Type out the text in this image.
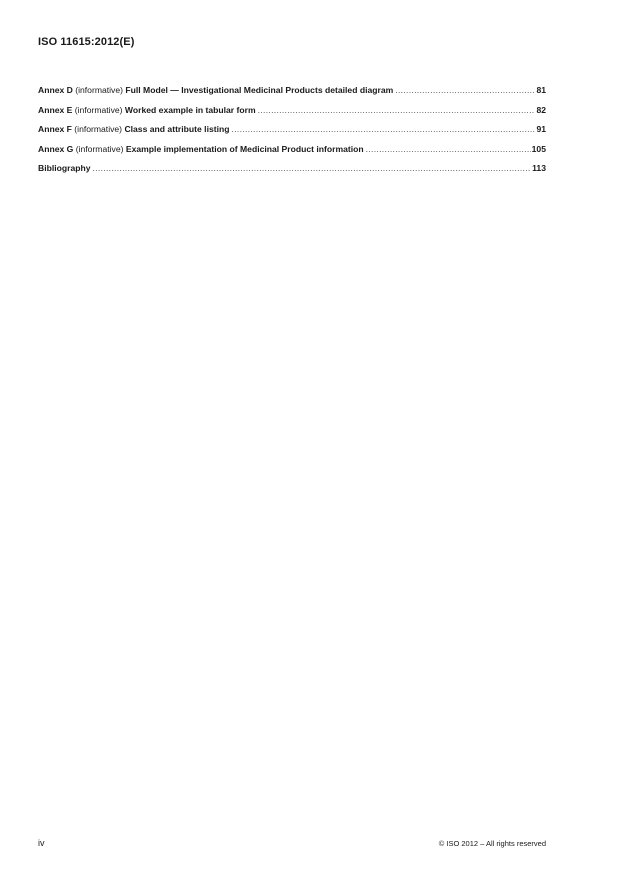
ISO 11615:2012(E)
Annex D (informative) Full Model — Investigational Medicinal Products detailed diagram .....	81
Annex E (informative) Worked example in tabular form .....	82
Annex F (informative) Class and attribute listing .....	91
Annex G (informative) Example implementation of Medicinal Product information .....	105
Bibliography .....	113
iv	© ISO 2012 – All rights reserved
